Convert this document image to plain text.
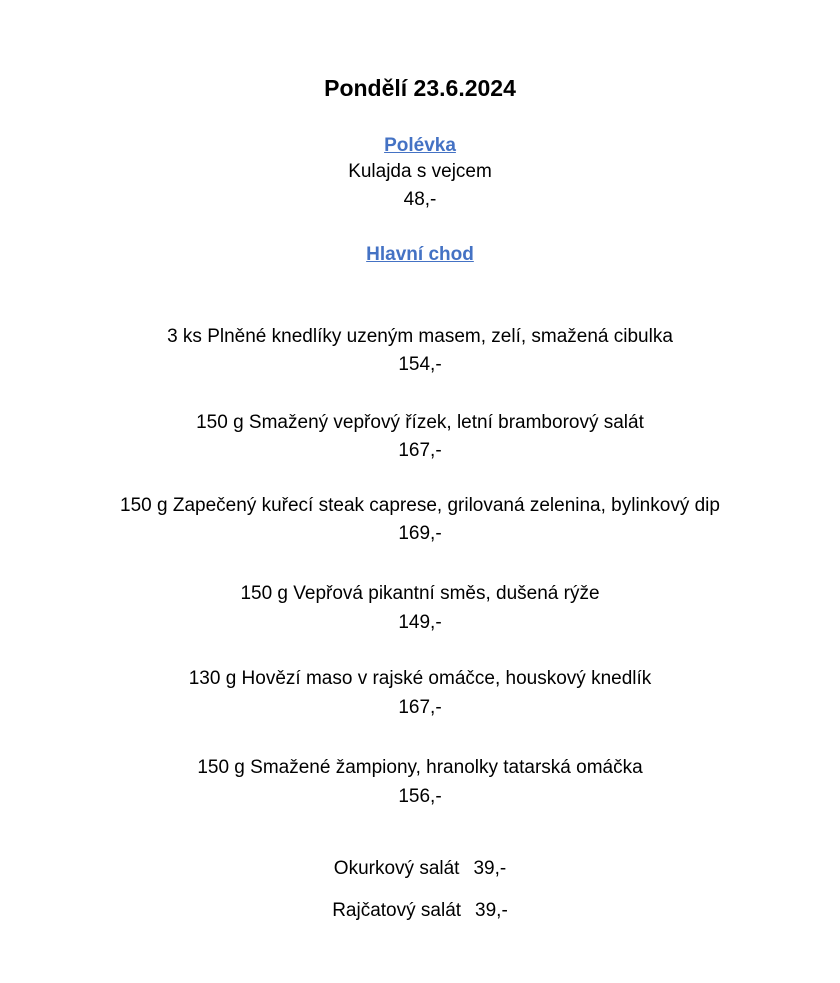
Pondělí 23.6.2024
Polévka
Kulajda s vejcem
48,-
Hlavní chod
3 ks Plněné knedlíky uzeným masem, zelí, smažená cibulka
154,-
150 g Smažený vepřový řízek, letní bramborový salát
167,-
150 g Zapečený kuřecí steak caprese, grilovaná zelenina, bylinkový dip
169,-
150 g Vepřová pikantní směs, dušená rýže
149,-
130 g Hovězí maso v rajské omáčce, houskový knedlík
167,-
150 g Smažené žampiony, hranolky tatarská omáčka
156,-
Okurkový salát 39,-
Rajčatový salát 39,-
